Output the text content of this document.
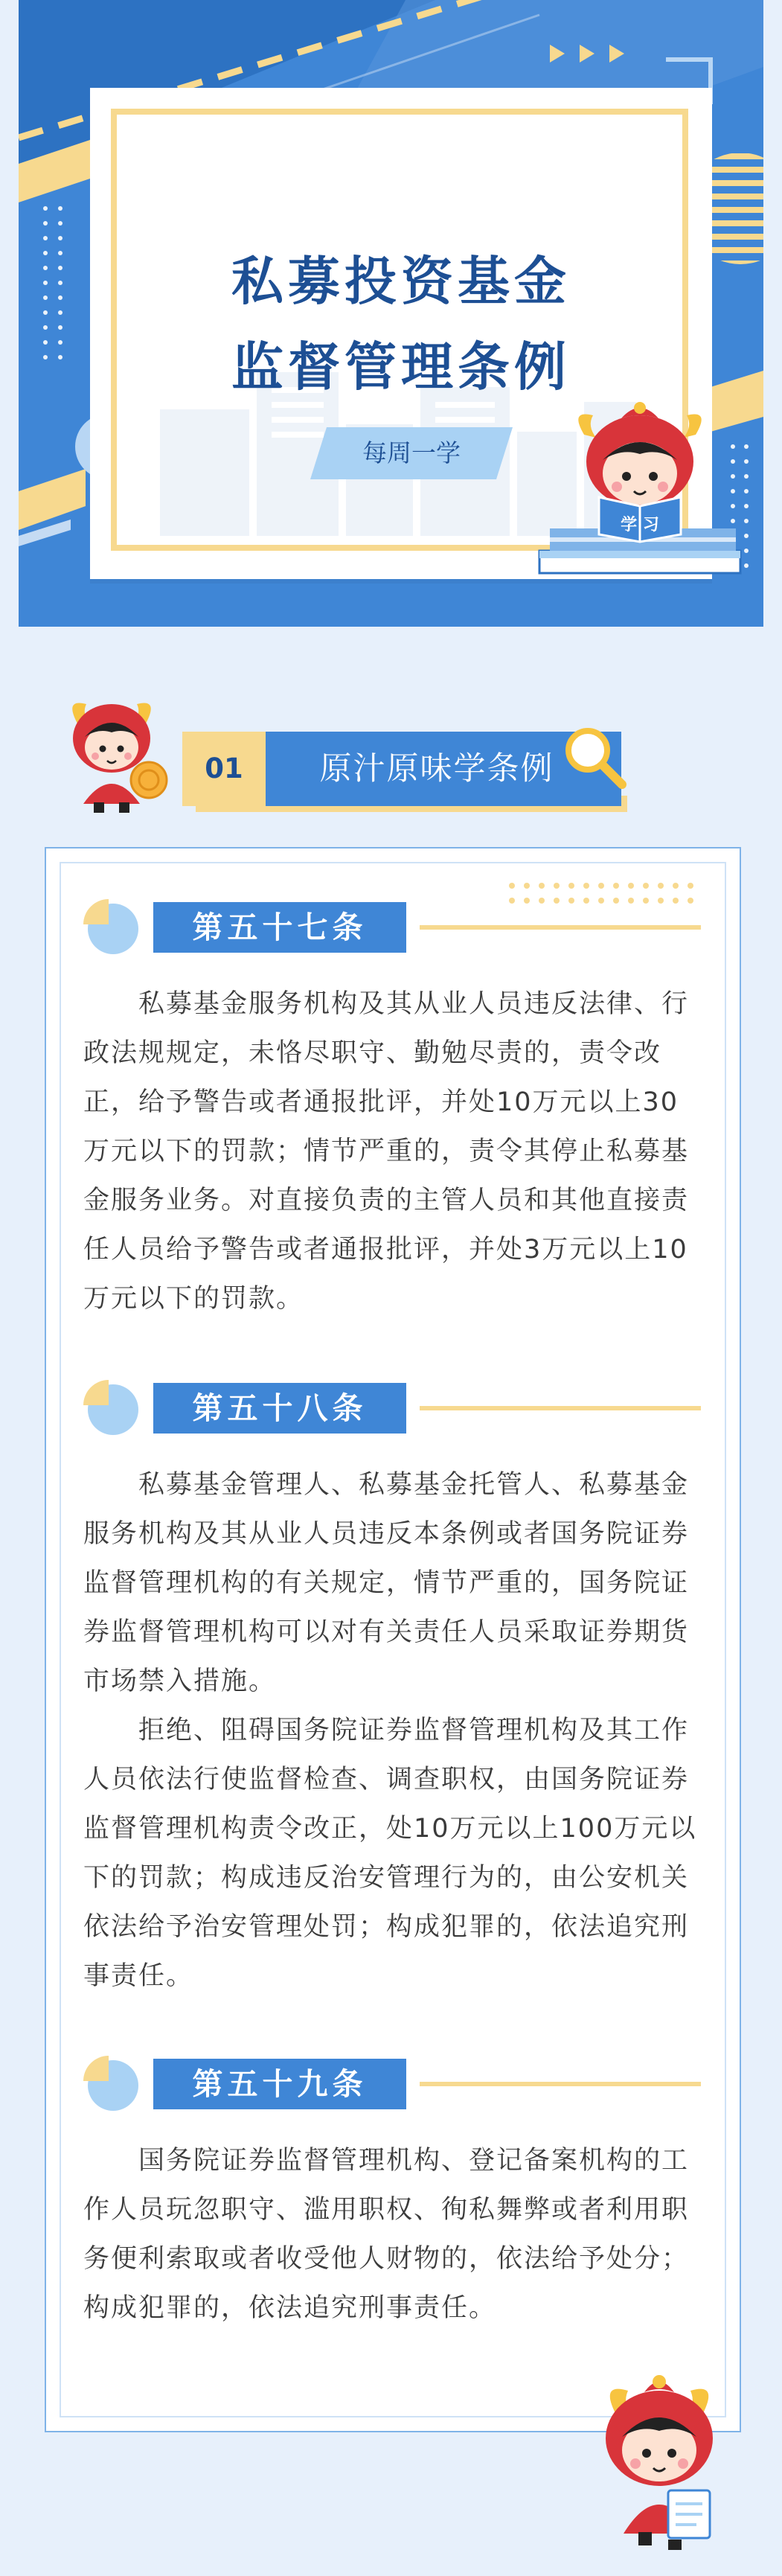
私募投资基金
监督管理条例
每周一学
学 习
01	原汁原味学条例
第五十七条

私募基金服务机构及其从业人员违反法律、行政法规规定，未恪尽职守、勤勉尽责的，责令改正，给予警告或者通报批评，并处10万元以上30万元以下的罚款；情节严重的，责令其停止私募基金服务业务。对直接负责的主管人员和其他直接责任人员给予警告或者通报批评，并处3万元以上10万元以下的罚款。

第五十八条

私募基金管理人、私募基金托管人、私募基金服务机构及其从业人员违反本条例或者国务院证券监督管理机构的有关规定，情节严重的，国务院证券监督管理机构可以对有关责任人员采取证券期货市场禁入措施。

拒绝、阻碍国务院证券监督管理机构及其工作人员依法行使监督检查、调查职权，由国务院证券监督管理机构责令改正，处10万元以上100万元以下的罚款；构成违反治安管理行为的，由公安机关依法给予治安管理处罚；构成犯罪的，依法追究刑事责任。

第五十九条

国务院证券监督管理机构、登记备案机构的工作人员玩忽职守、滥用职权、徇私舞弊或者利用职务便利索取或者收受他人财物的，依法给予处分；构成犯罪的，依法追究刑事责任。
